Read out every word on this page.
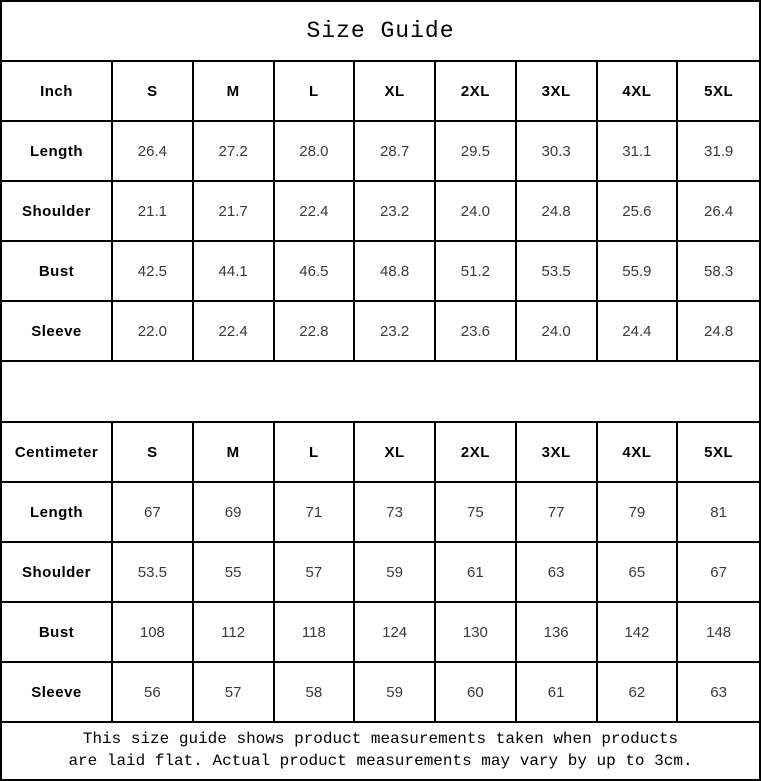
Size Guide
Inch	S	M	L	XL	2XL	3XL	4XL	5XL
Length	26.4	27.2	28.0	28.7	29.5	30.3	31.1	31.9
Shoulder	21.1	21.7	22.4	23.2	24.0	24.8	25.6	26.4
Bust	42.5	44.1	46.5	48.8	51.2	53.5	55.9	58.3
Sleeve	22.0	22.4	22.8	23.2	23.6	24.0	24.4	24.8
Centimeter	S	M	L	XL	2XL	3XL	4XL	5XL
Length	67	69	71	73	75	77	79	81
Shoulder	53.5	55	57	59	61	63	65	67
Bust	108	112	118	124	130	136	142	148
Sleeve	56	57	58	59	60	61	62	63
This size guide shows product measurements taken when products
are laid flat. Actual product measurements may vary by up to 3cm.
